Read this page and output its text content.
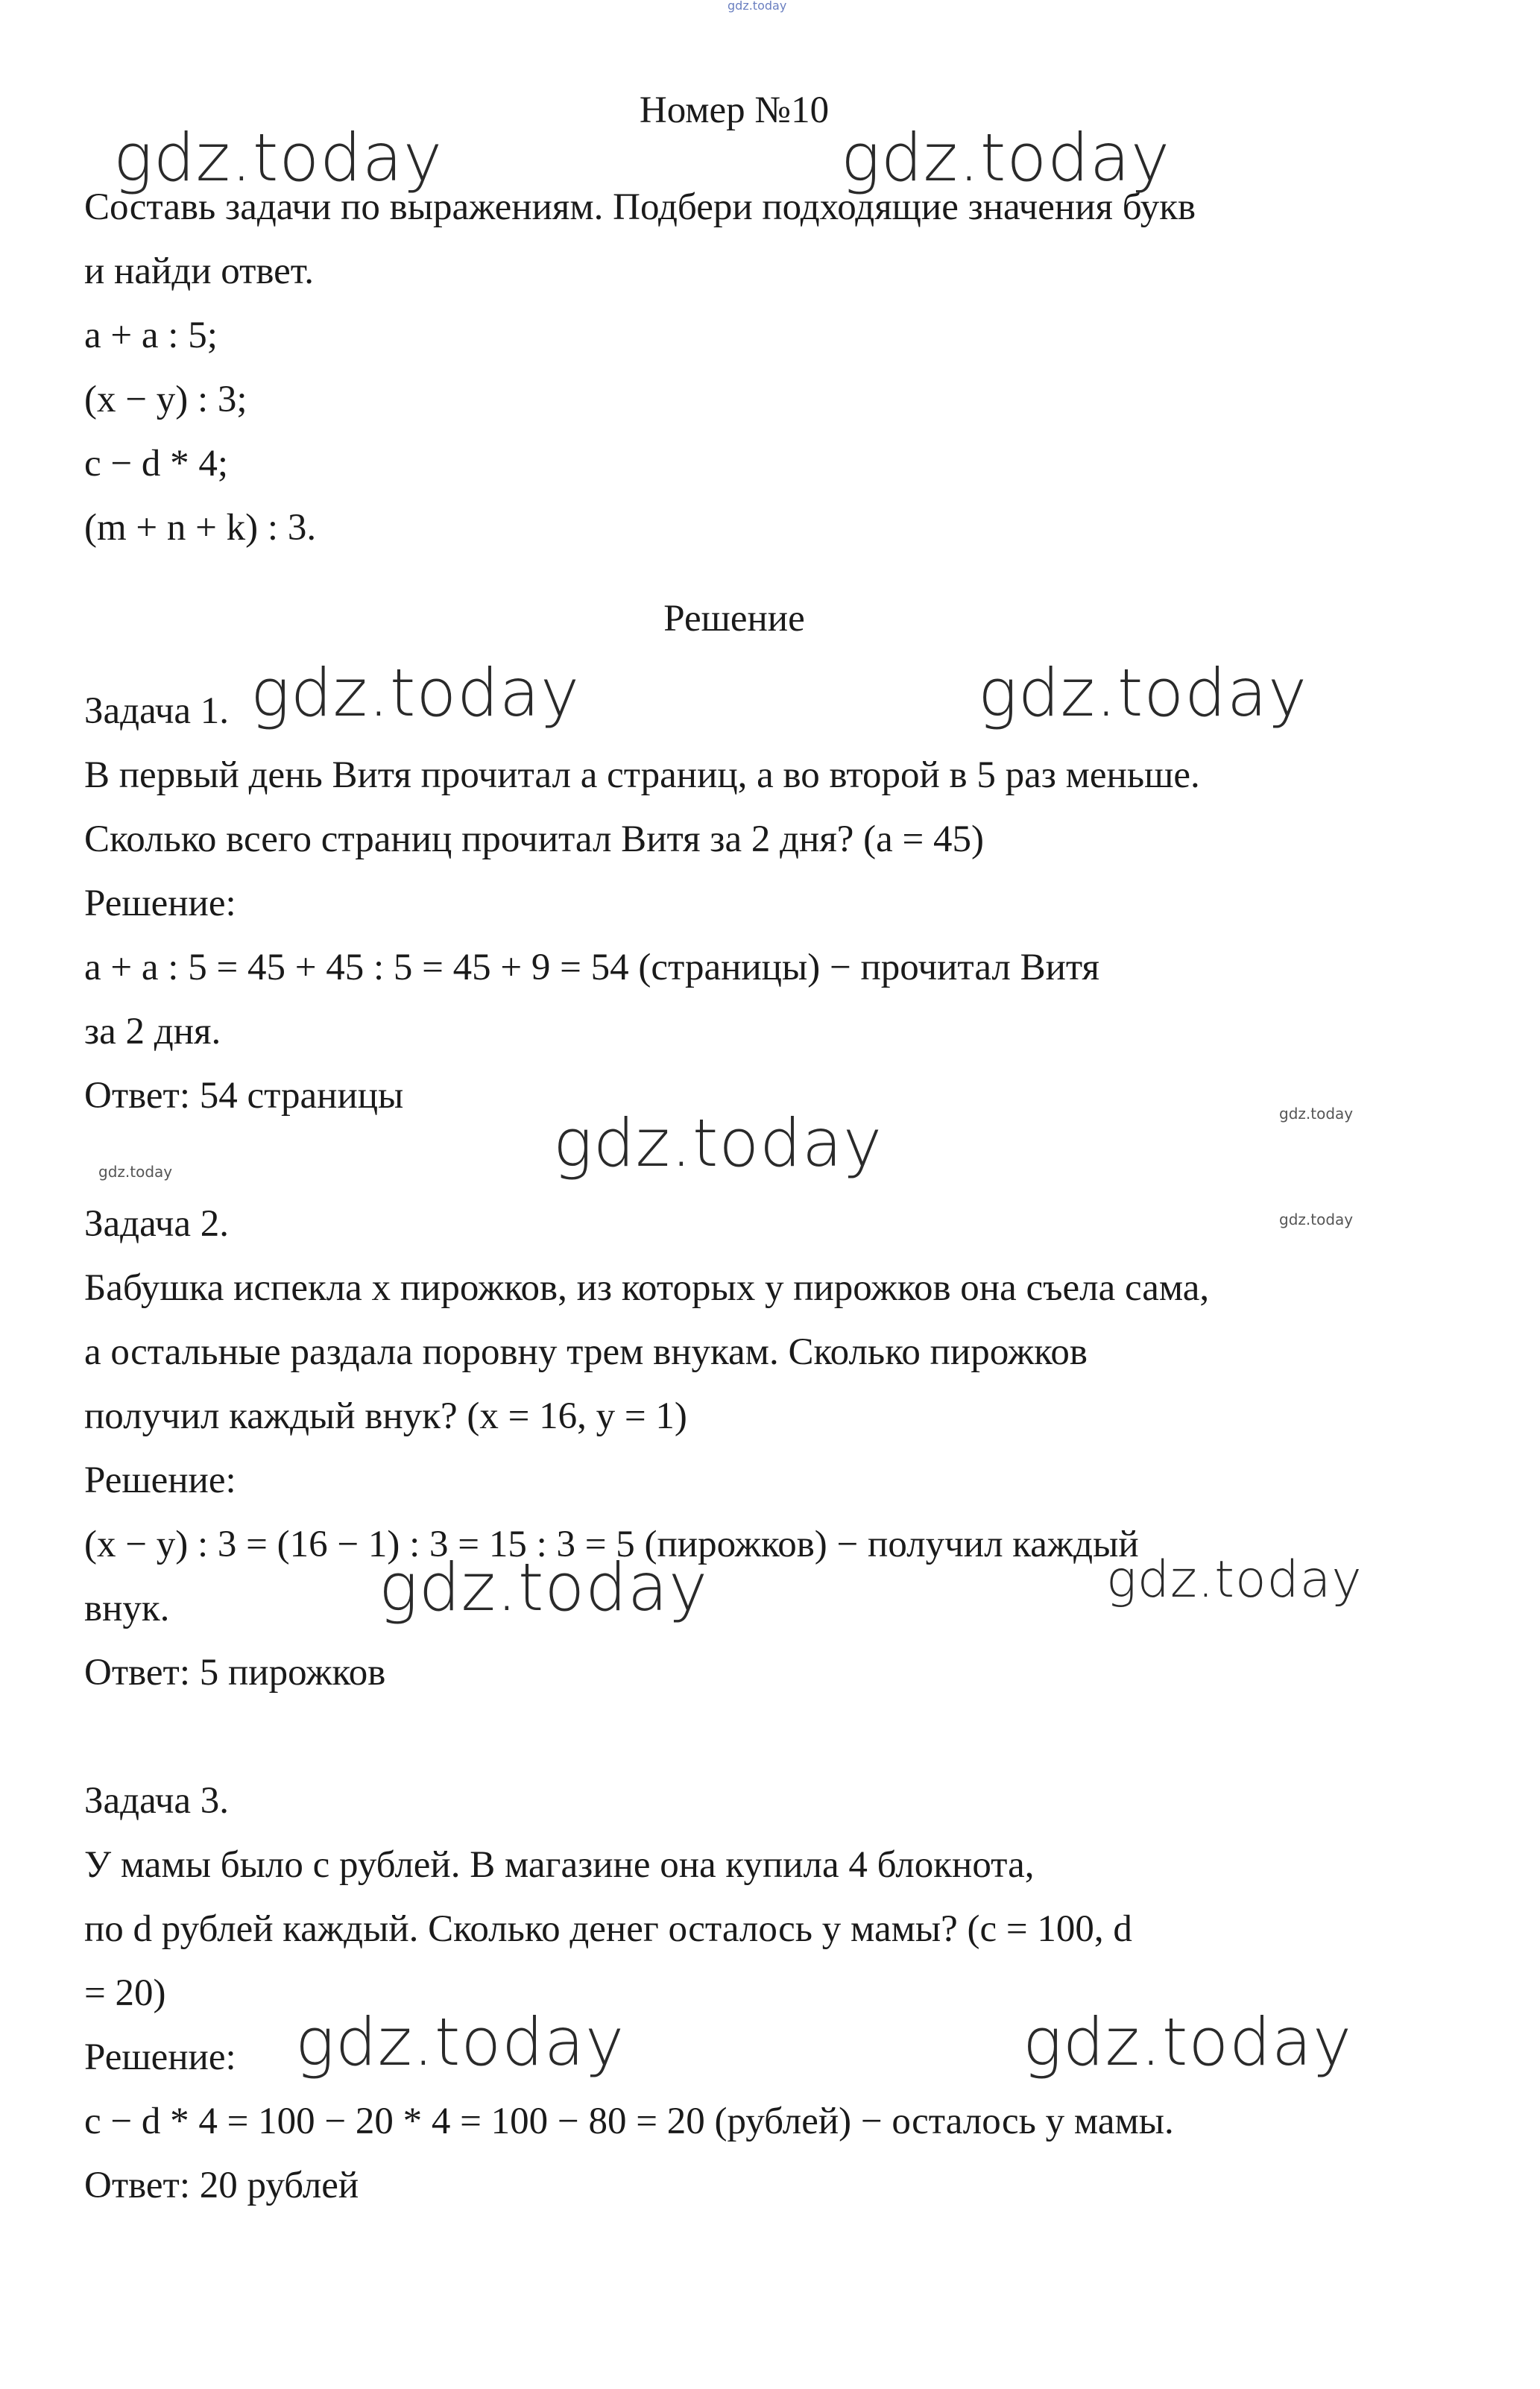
gdz.today

Номер №10

Составь задачи по выражениям. Подбери подходящие значения букв

и найди ответ.

a + a : 5;

(x − y) : 3;

c − d * 4;

(m + n + k) : 3.

Решение

Задача 1.

В первый день Витя прочитал a страниц, а во второй в 5 раз меньше.

Сколько всего страниц прочитал Витя за 2 дня? (a = 45)

Решение:

a + a : 5 = 45 + 45 : 5 = 45 + 9 = 54 (страницы) − прочитал Витя

за 2 дня.

Ответ: 54 страницы

Задача 2.

Бабушка испекла x пирожков, из которых y пирожков она съела сама,

а остальные раздала поровну трем внукам. Сколько пирожков

получил каждый внук? (x = 16, y = 1)

Решение:

(x − y) : 3 = (16 − 1) : 3 = 15 : 3 = 5 (пирожков) − получил каждый

внук.

Ответ: 5 пирожков

Задача 3.

У мамы было c рублей. В магазине она купила 4 блокнота,

по d рублей каждый. Сколько денег осталось у мамы? (c = 100, d

= 20)

Решение:

c − d * 4 = 100 − 20 * 4 = 100 − 80 = 20 (рублей) − осталось у мамы.

Ответ: 20 рублей

gdz.today	gdz.today
gdz.today	gdz.today
gdz.today	gdz.today
gdz.today
gdz.today
gdz.today	gdz.today
gdz.today	gdz.today
